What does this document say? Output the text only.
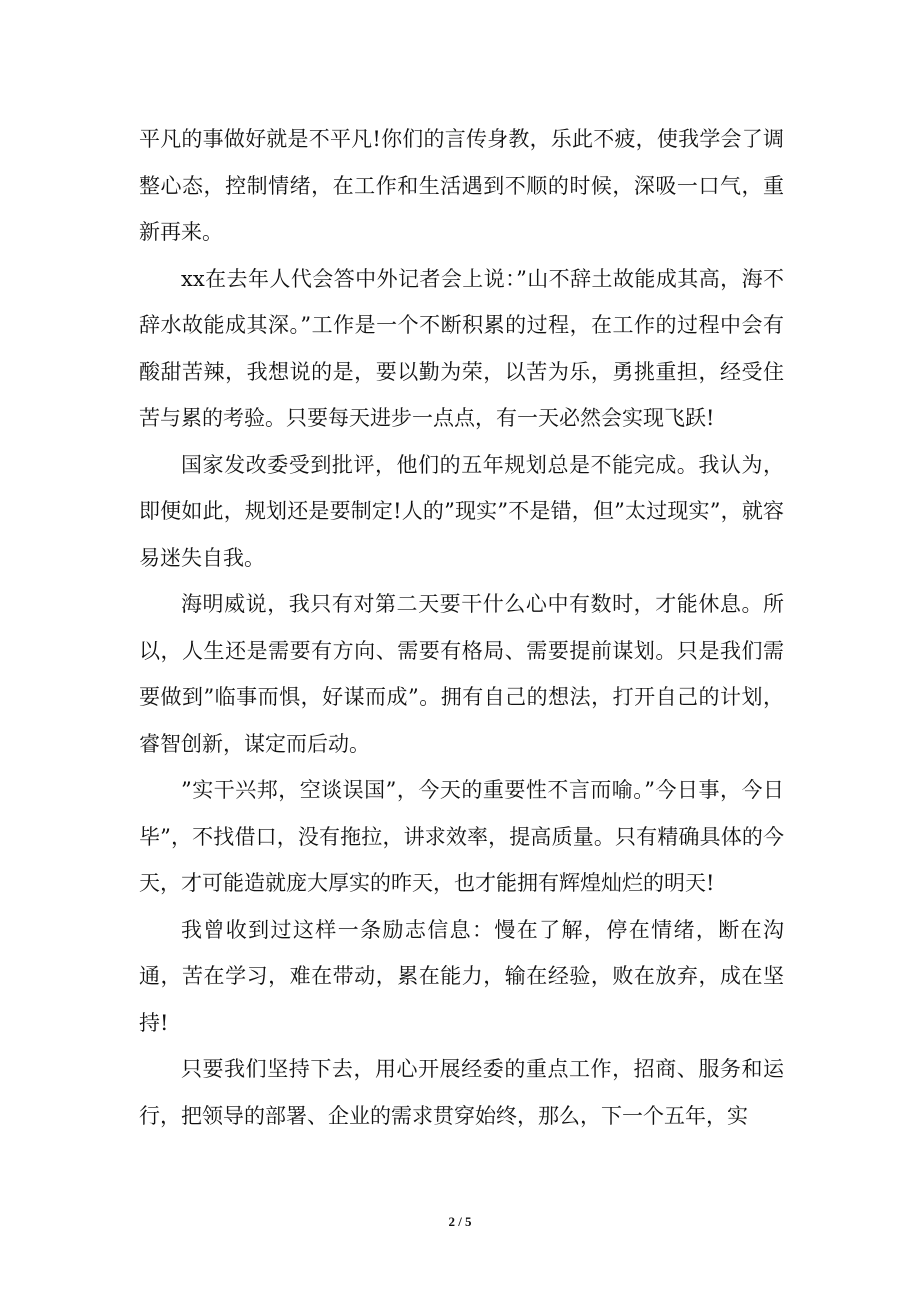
平凡的事做好就是不平凡!你们的言传身教，乐此不疲，使我学会了调整心态，控制情绪，在工作和生活遇到不顺的时候，深吸一口气，重新再来。

xx在去年人代会答中外记者会上说：”山不辞土故能成其高，海不辞水故能成其深。”工作是一个不断积累的过程，在工作的过程中会有酸甜苦辣，我想说的是，要以勤为荣，以苦为乐，勇挑重担，经受住苦与累的考验。只要每天进步一点点，有一天必然会实现飞跃!

国家发改委受到批评，他们的五年规划总是不能完成。我认为，即便如此，规划还是要制定!人的”现实”不是错，但”太过现实”，就容易迷失自我。

海明威说，我只有对第二天要干什么心中有数时，才能休息。所以，人生还是需要有方向、需要有格局、需要提前谋划。只是我们需要做到”临事而惧，好谋而成”。拥有自己的想法，打开自己的计划，睿智创新，谋定而后动。

”实干兴邦，空谈误国”，今天的重要性不言而喻。”今日事，今日毕”，不找借口，没有拖拉，讲求效率，提高质量。只有精确具体的今天，才可能造就庞大厚实的昨天，也才能拥有辉煌灿烂的明天!

我曾收到过这样一条励志信息：慢在了解，停在情绪，断在沟通，苦在学习，难在带动，累在能力，输在经验，败在放弃，成在坚持!

只要我们坚持下去，用心开展经委的重点工作，招商、服务和运行，把领导的部署、企业的需求贯穿始终，那么，下一个五年，实

2 / 5
